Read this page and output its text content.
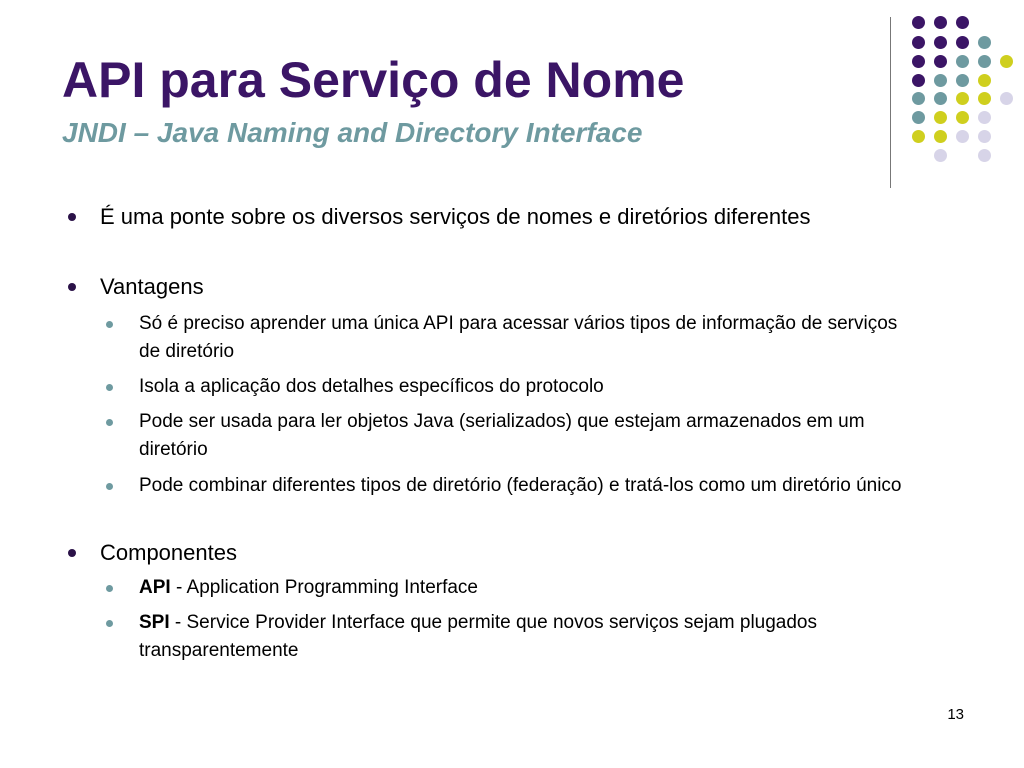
API para Serviço de Nome
JNDI – Java Naming and Directory Interface
É uma ponte sobre os diversos serviços de nomes e diretórios diferentes
Vantagens
Só é preciso aprender uma única API para acessar vários tipos de informação de serviços de diretório
Isola a aplicação dos detalhes específicos do protocolo
Pode ser usada para ler objetos Java (serializados) que estejam armazenados em um diretório
Pode combinar diferentes tipos de diretório (federação) e tratá-los como um diretório único
Componentes
API - Application Programming Interface
SPI - Service Provider Interface que permite que novos serviços sejam plugados transparentemente
13
